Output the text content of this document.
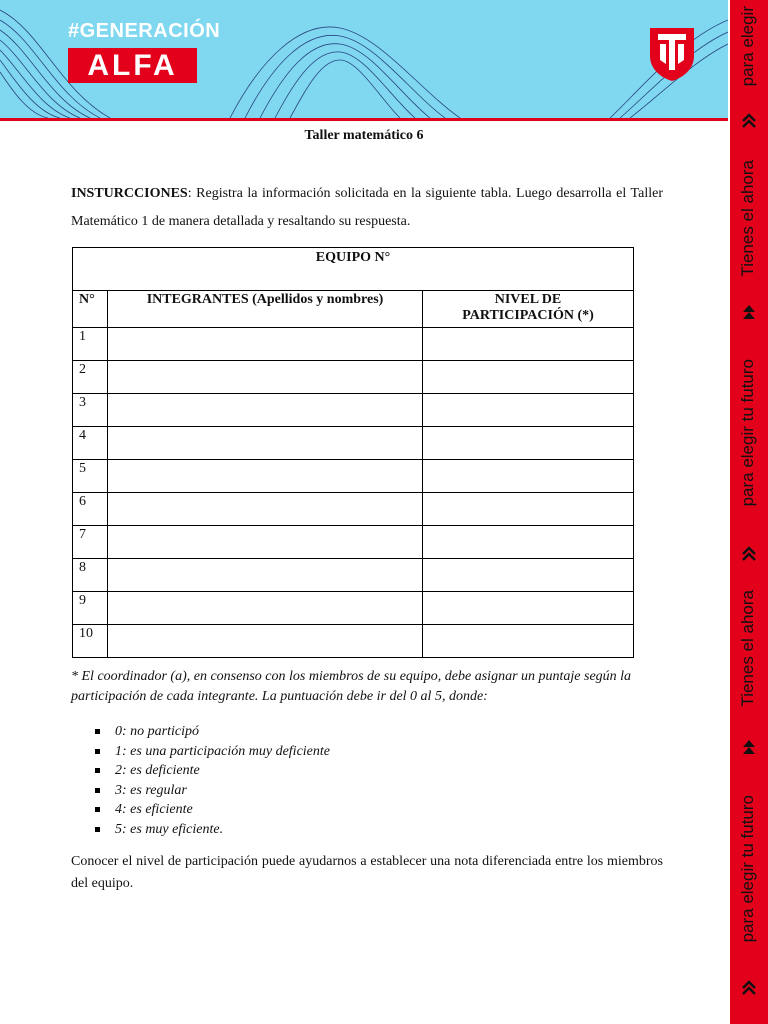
#GENERACIÓN
ALFA	para elegir
Tienes el ahora
para elegir tu futuro
Tienes el ahora
para elegir tu futuro
Taller matemático 6
INSTURCCIONES: Registra la información solicitada en la siguiente tabla. Luego desarrolla el Taller Matemático 1 de manera detallada y resaltando su respuesta.
EQUIPO N°		
N°	INTEGRANTES (Apellidos y nombres)	NIVEL DE
PARTICIPACIÓN (*)

1		
2		
3		
4		
5		
6		
7		
8		
9		
10		
* El coordinador (a), en consenso con los miembros de su equipo, debe asignar un puntaje según la participación de cada integrante. La puntuación debe ir del 0 al 5, donde:
0: no participó
1: es una participación muy deficiente
2: es deficiente
3: es regular
4: es eficiente
5: es muy eficiente.
Conocer el nivel de participación puede ayudarnos a establecer una nota diferenciada entre los miembros del equipo.
